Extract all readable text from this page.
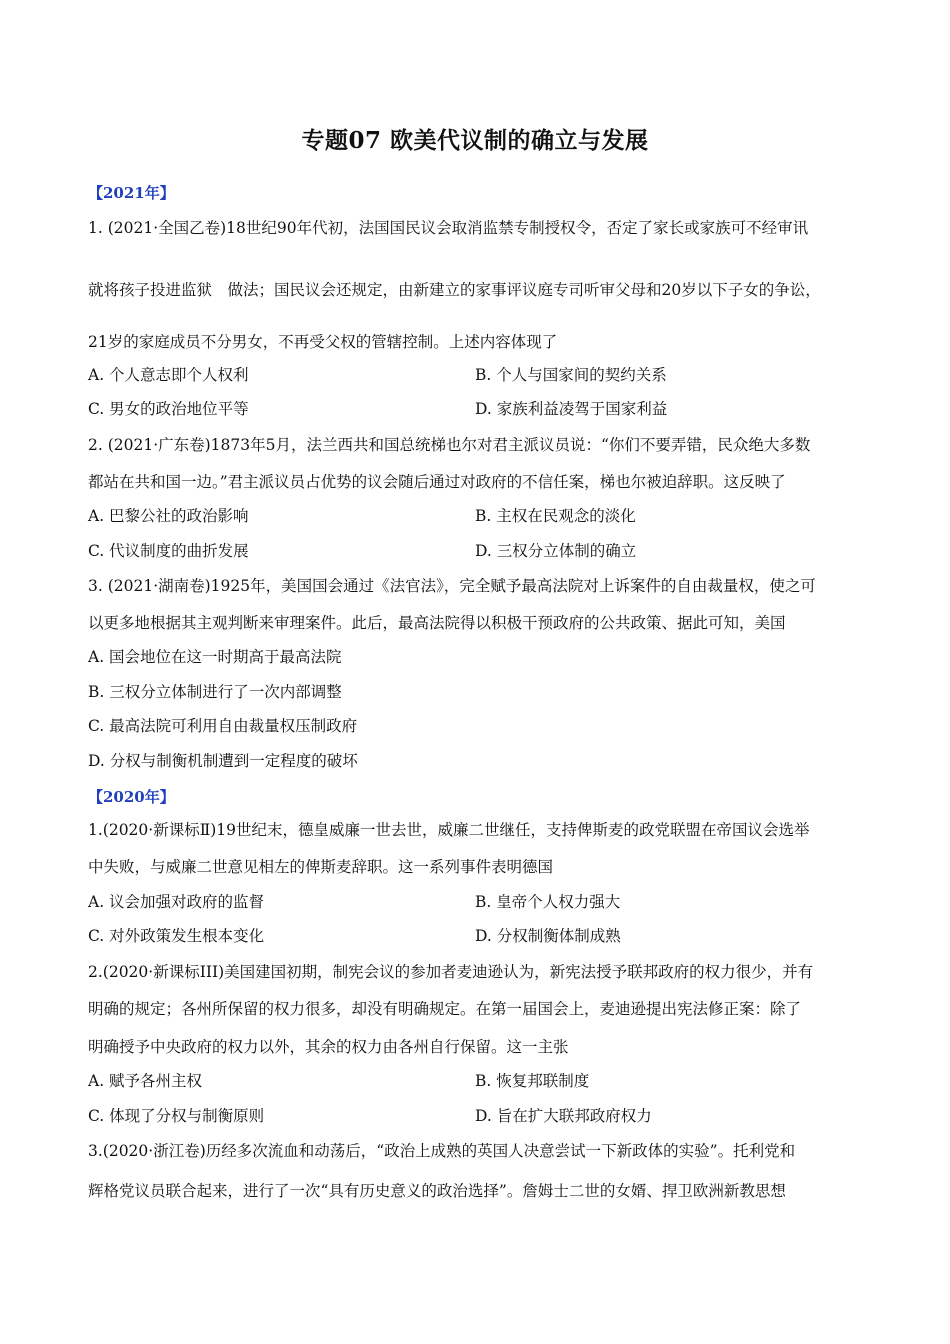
专题07 欧美代议制的确立与发展
【2021年】
1. (2021·全国乙卷)18世纪90年代初，法国国民议会取消监禁专制授权令，否定了家长或家族可不经审讯
就将孩子投进监狱　做法；国民议会还规定，由新建立的家事评议庭专司听审父母和20岁以下子女的争讼，
21岁的家庭成员不分男女，不再受父权的管辖控制。上述内容体现了
A. 个人意志即个人权利	B. 个人与国家间的契约关系
C. 男女的政治地位平等	D. 家族利益凌驾于国家利益
2. (2021·广东卷)1873年5月，法兰西共和国总统梯也尔对君主派议员说：“你们不要弄错，民众绝大多数
都站在共和国一边。”君主派议员占优势的议会随后通过对政府的不信任案，梯也尔被迫辞职。这反映了
A. 巴黎公社的政治影响	B. 主权在民观念的淡化
C. 代议制度的曲折发展	D. 三权分立体制的确立
3. (2021·湖南卷)1925年，美国国会通过《法官法》，完全赋予最高法院对上诉案件的自由裁量权，使之可
以更多地根据其主观判断来审理案件。此后，最高法院得以积极干预政府的公共政策、据此可知，美国
A. 国会地位在这一时期高于最高法院
B. 三权分立体制进行了一次内部调整
C. 最高法院可利用自由裁量权压制政府
D. 分权与制衡机制遭到一定程度的破坏
【2020年】
1.(2020·新课标Ⅱ)19世纪末，德皇威廉一世去世，威廉二世继任，支持俾斯麦的政党联盟在帝国议会选举
中失败，与威廉二世意见相左的俾斯麦辞职。这一系列事件表明德国
A. 议会加强对政府的监督	B. 皇帝个人权力强大
C. 对外政策发生根本变化	D. 分权制衡体制成熟
2.(2020·新课标III)美国建国初期，制宪会议的参加者麦迪逊认为，新宪法授予联邦政府的权力很少，并有
明确的规定；各州所保留的权力很多，却没有明确规定。在第一届国会上，麦迪逊提出宪法修正案：除了
明确授予中央政府的权力以外，其余的权力由各州自行保留。这一主张
A. 赋予各州主权	B. 恢复邦联制度
C. 体现了分权与制衡原则	D. 旨在扩大联邦政府权力
3.(2020·浙江卷)历经多次流血和动荡后，“政治上成熟的英国人决意尝试一下新政体的实验”。托利党和
辉格党议员联合起来，进行了一次“具有历史意义的政治选择”。詹姆士二世的女婿、捍卫欧洲新教思想
